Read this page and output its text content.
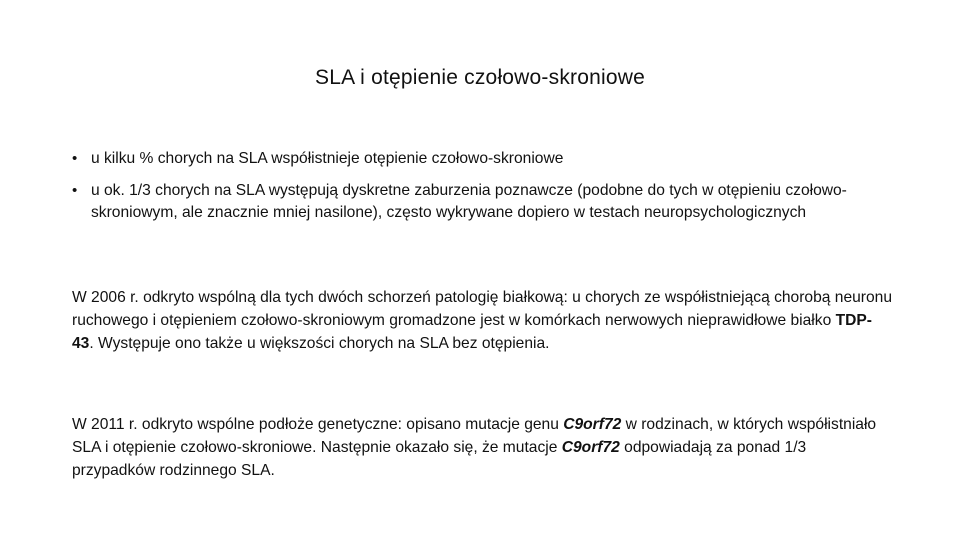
SLA i otępienie czołowo-skroniowe
• u kilku % chorych na SLA współistnieje otępienie czołowo-skroniowe
• u ok. 1/3 chorych na SLA występują dyskretne zaburzenia poznawcze (podobne do tych w otępieniu czołowo-skroniowym, ale znacznie mniej nasilone), często wykrywane dopiero w testach neuropsychologicznych

W 2006 r. odkryto wspólną dla tych dwóch schorzeń patologię białkową: u chorych ze współistniejącą chorobą neuronu ruchowego i otępieniem czołowo-skroniowym gromadzone jest w komórkach nerwowych nieprawidłowe białko TDP-43. Występuje ono także u większości chorych na SLA bez otępienia.

W 2011 r. odkryto wspólne podłoże genetyczne: opisano mutacje genu C9orf72 w rodzinach, w których współistniało SLA i otępienie czołowo-skroniowe. Następnie okazało się, że mutacje C9orf72 odpowiadają za ponad 1/3 przypadków rodzinnego SLA.
